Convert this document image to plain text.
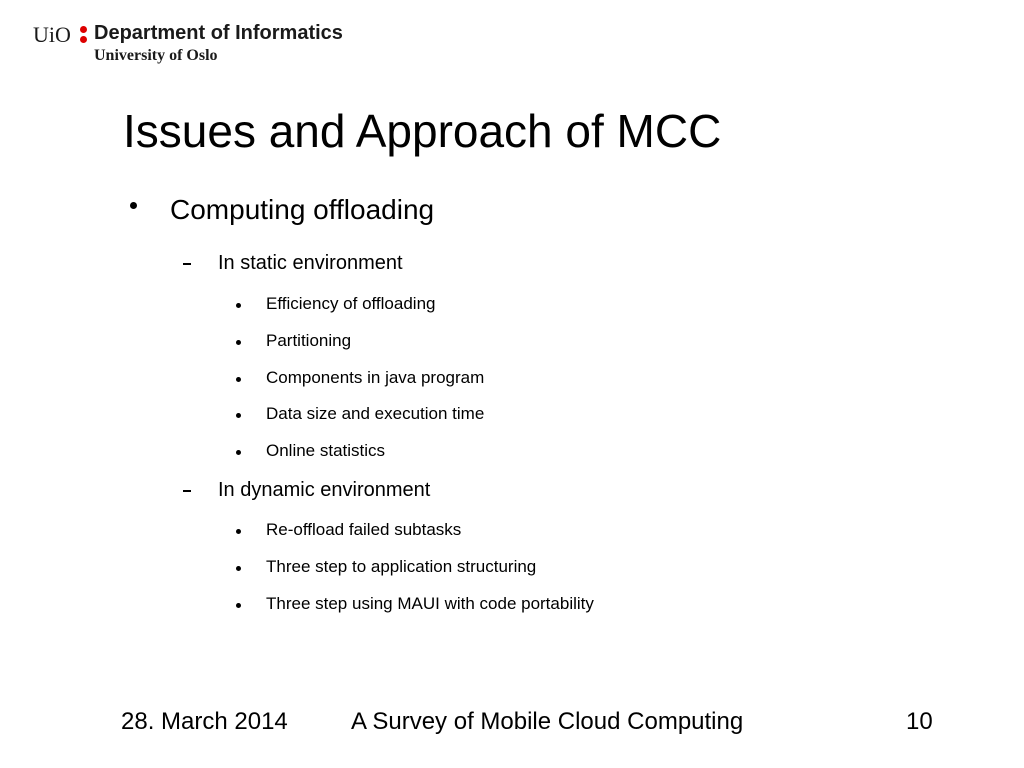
UiO Department of Informatics
University of Oslo
Issues and Approach of MCC
Computing offloading
In static environment
Efficiency of offloading
Partitioning
Components in java program
Data size and execution time
Online statistics
In dynamic environment
Re-offload failed subtasks
Three step to application structuring
Three step using MAUI with code portability
28. March 2014	A Survey of Mobile Cloud Computing	10
